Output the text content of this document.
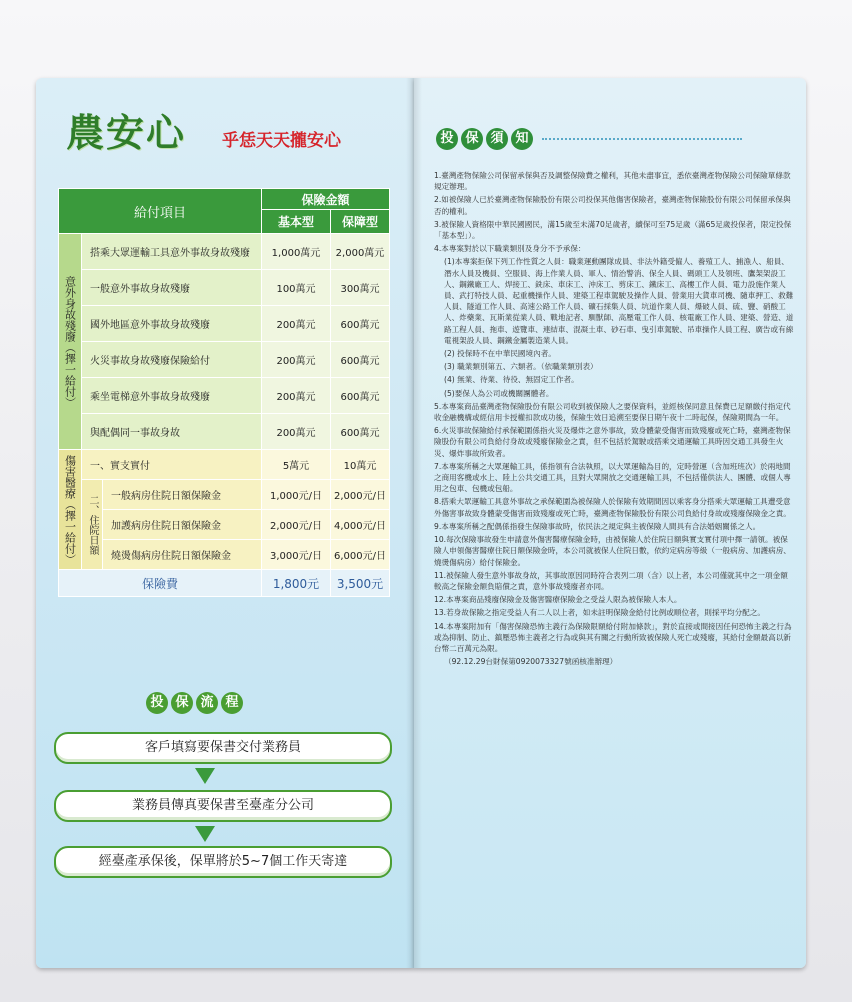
農安心 乎恁天天攏安心
給付項目			保險金額	
			基本型	保障型

意外身故殘廢（擇一給付）	搭乘大眾運輸工具意外事故身故殘廢		1,000萬元	2,000萬元
	一般意外事故身故殘廢		100萬元	300萬元
	國外地區意外事故身故殘廢		200萬元	600萬元
	火災事故身故殘廢保險給付		200萬元	600萬元
	乘坐電梯意外事故身故殘廢		200萬元	600萬元
	與配偶同一事故身故		200萬元	600萬元

傷害醫療（擇一給付）	一、實支實付		5萬元	10萬元

	二、住院日額	一般病房住院日額保險金	1,000元/日	2,000元/日
		加護病房住院日額保險金	2,000元/日	4,000元/日
		燒燙傷病房住院日額保險金	3,000元/日	6,000元/日
保險費			1,800元	3,500元
投 保 流 程
客戶填寫要保書交付業務員
業務員傳真要保書至臺產分公司
經臺產承保後，保單將於5~7個工作天寄達
投 保 須 知

1.臺灣產物保險公司保留承保與否及調整保險費之權利，其他未盡事宜，悉依臺灣產物保險公司保險單條款規定辦理。

2.如被保險人已於臺灣產物保險股份有限公司投保其他傷害保險者，臺灣產物保險股份有限公司保留承保與否的權利。

3.被保險人資格限中華民國國民，滿15歲至未滿70足歲者，續保可至75足歲（滿65足歲投保者，限定投保「基本型」）。

4.本專案對於以下職業類別及身分不予承保：

(1)本專案拒保下列工作性質之人員：職業運動團隊成員、非法外籍受僱人、養殖工人、捕漁人、船員、潛水人員及機員、空服員、海上作業人員、軍人、情治警消、保全人員、碼頭工人及領班、鷹架架設工人、鋼鐵廠工人、焊接工、銑床、車床工、沖床工、剪床工、鐵床工、高樓工作人員、電力設施作業人員、武打特技人員、起重機操作人員、建築工程車駕駛及操作人員、營業用大貨車司機、隨車押工、救難人員、隧道工作人員、高速公路工作人員、礦石採集人員、坑道作業人員、爆破人員、硫、鹽、硝酸工人、炸藥業、瓦斯業從業人員、戰地記者、馴獸師、高壓電工作人員、核電廠工作人員、建築、營造、道路工程人員、拖車、遊覽車、連結車、混凝土車、砂石車、曳引車駕駛、吊車操作人員工程、廣告或有線電視架設人員、鋼鐵金屬製造業人員。

(2) 投保時不在中華民國境內者。

(3) 職業類別第五、六類者。（依職業類別表）

(4) 無業、待業、待役、無固定工作者。

(5)要保人為公司或機關團體者。

5.本專案商品臺灣產物保險股份有限公司收到被保險人之要保資料，並經核保同意且保費已足額繳付指定代收金融機構或經信用卡授權扣款成功後，保險生效日追溯至要保日期午夜十二時起保，保險期間為一年。

6.火災事故保險給付承保範圍係指火災及爆炸之意外事故，致身體蒙受傷害而致殘廢或死亡時，臺灣產物保險股份有限公司負給付身故或殘廢保險金之責，但不包括於駕駛或搭乘交通運輸工具時因交通工具發生火災、爆炸事故所致者。

7.本專案所稱之大眾運輸工具，係指領有合法執照，以大眾運輸為目的，定時營運（含加班班次）於兩地間之商用客機或水上、陸上公共交通工具，且對大眾開放之交通運輸工具，不包括僅供法人、團體、或個人專用之包車、包機或包船。

8.搭乘大眾運輸工具意外事故之承保範圍為被保險人於保險有效期間因以乘客身分搭乘大眾運輸工具遭受意外傷害事故致身體蒙受傷害而致殘廢或死亡時，臺灣產物保險股份有限公司負給付身故或殘廢保險金之責。

9.本專案所稱之配偶係指發生保險事故時，依民法之規定與主被保險人間具有合法婚姻關係之人。

10.每次保險事故發生申請意外傷害醫療保險金時，由被保險人於住院日額與實支實付項中擇一請領。被保險人申領傷害醫療住院日額保險金時，本公司就被保人住院日數，依約定病房等級（一般病房、加護病房、燒燙傷病房）給付保險金。

11.被保險人發生意外事故身故，其事故原因同時符合表列二項（含）以上者，本公司僅就其中之一項金額較高之保險金額負賠償之責，意外事故殘廢者亦同。

12.本專案商品殘廢保險金及傷害醫療保險金之受益人限為被保險人本人。

13.若身故保險之指定受益人有二人以上者，如未註明保險金給付比例或順位者，則採平均分配之。

14.本專案附加有「傷害保險恐怖主義行為保險限額給付附加條款」，對於直接或間接因任何恐怖主義之行為或為抑制、防止、鎮壓恐怖主義者之行為或與其有關之行動所致被保險人死亡或殘廢，其給付金額最高以新台幣二百萬元為限。

（92.12.29台財保第0920073327號函核准辦理）
